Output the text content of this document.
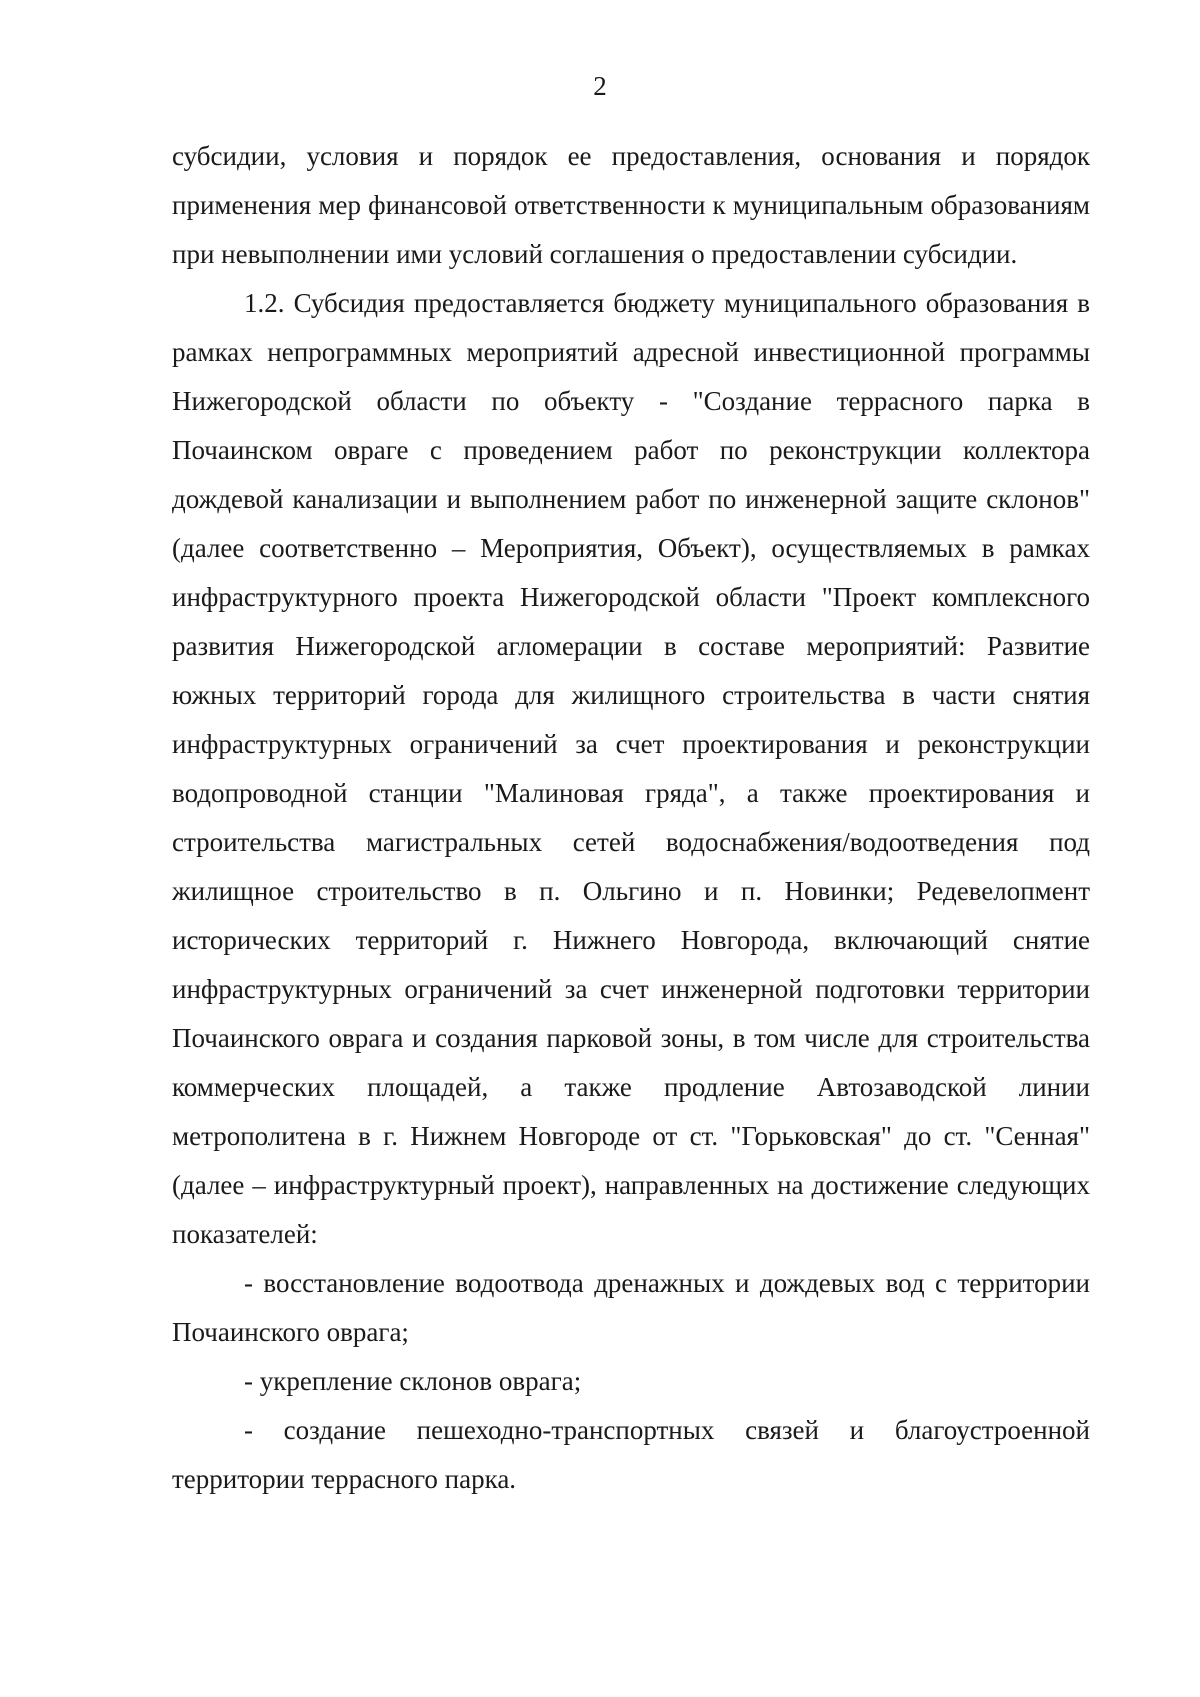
2

субсидии, условия и порядок ее предоставления, основания и порядок применения мер финансовой ответственности к муниципальным образованиям при невыполнении ими условий соглашения о предоставлении субсидии.

1.2. Субсидия предоставляется бюджету муниципального образования в рамках непрограммных мероприятий адресной инвестиционной программы Нижегородской области по объекту - "Создание террасного парка в Почаинском овраге с проведением работ по реконструкции коллектора дождевой канализации и выполнением работ по инженерной защите склонов" (далее соответственно – Мероприятия, Объект), осуществляемых в рамках инфраструктурного проекта Нижегородской области "Проект комплексного развития Нижегородской агломерации в составе мероприятий: Развитие южных территорий города для жилищного строительства в части снятия инфраструктурных ограничений за счет проектирования и реконструкции водопроводной станции "Малиновая гряда", а также проектирования и строительства магистральных сетей водоснабжения/водоотведения под жилищное строительство в п. Ольгино и п. Новинки; Редевелопмент исторических территорий г. Нижнего Новгорода, включающий снятие инфраструктурных ограничений за счет инженерной подготовки территории Почаинского оврага и создания парковой зоны, в том числе для строительства коммерческих площадей, а также продление Автозаводской линии метрополитена в г. Нижнем Новгороде от ст. "Горьковская" до ст. "Сенная" (далее – инфраструктурный проект), направленных на достижение следующих показателей:

- восстановление водоотвода дренажных и дождевых вод с территории Почаинского оврага;

- укрепление склонов оврага;

- создание пешеходно-транспортных связей и благоустроенной территории террасного парка.
